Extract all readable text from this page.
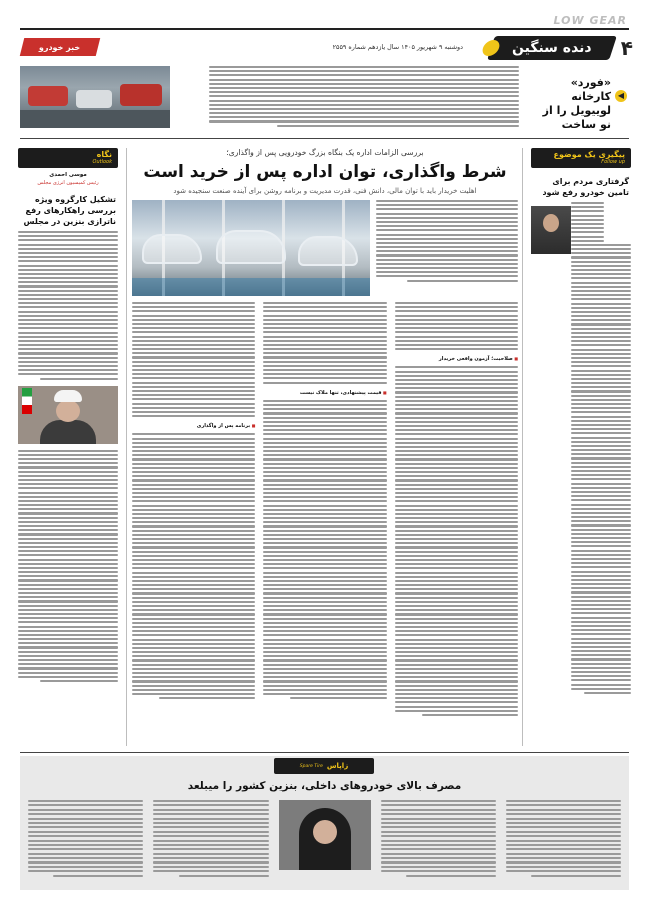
LOW GEAR
۴
دنده سنگین
دوشنبه ۹ شهریور ۱۴۰۵ سال یازدهم شماره ۲۵۵۹
خبر خودرو
◀
«فورد» کارخانه لوییویل را از نو ساخت
پیگیری یک موضوع
Follow up
گرفتاری مردم برای تامین خودرو رفع شود
بررسی الزامات اداره یک بنگاه بزرگ خودرویی پس از واگذاری؛
شرط واگذاری، توان اداره پس از خرید است
اهلیت خریدار باید با توان مالی، دانش فنی، قدرت مدیریت و برنامه روشن برای آینده صنعت سنجیده شود
■ صلاحیت؛ آزمون واقعی خریدار
■ قیمت پیشنهادی، تنها ملاک نیست
■ برنامه پس از واگذاری
نگاه
Outlook
موسی احمدی
رئیس کمیسیون انرژی مجلس
تشکیل کارگروه ویژه بررسی راهکارهای رفع ناترازی بنزین در مجلس
زاپاس
Spare Tire
مصرف بالای خودروهای داخلی، بنزین کشور را میبلعد
